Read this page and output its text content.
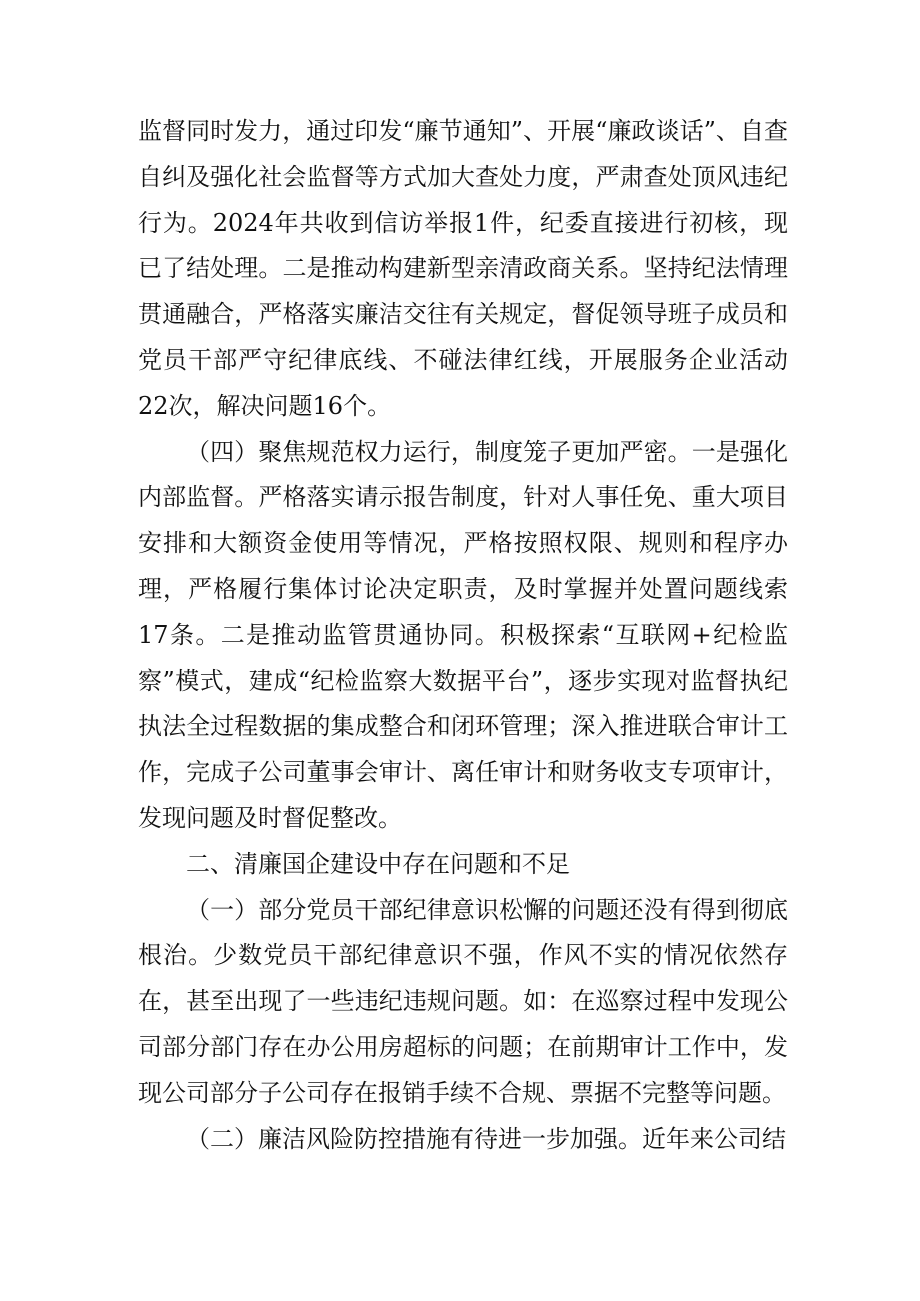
监督同时发力，通过印发“廉节通知”、开展“廉政谈话”、自查自纠及强化社会监督等方式加大查处力度，严肃查处顶风违纪行为。2024年共收到信访举报1件，纪委直接进行初核，现已了结处理。二是推动构建新型亲清政商关系。坚持纪法情理贯通融合，严格落实廉洁交往有关规定，督促领导班子成员和党员干部严守纪律底线、不碰法律红线，开展服务企业活动22次，解决问题16个。

（四）聚焦规范权力运行，制度笼子更加严密。一是强化内部监督。严格落实请示报告制度，针对人事任免、重大项目安排和大额资金使用等情况，严格按照权限、规则和程序办理，严格履行集体讨论决定职责，及时掌握并处置问题线索17条。二是推动监管贯通协同。积极探索“互联网+纪检监察”模式，建成“纪检监察大数据平台”，逐步实现对监督执纪执法全过程数据的集成整合和闭环管理；深入推进联合审计工作，完成子公司董事会审计、离任审计和财务收支专项审计，发现问题及时督促整改。

二、清廉国企建设中存在问题和不足

（一）部分党员干部纪律意识松懈的问题还没有得到彻底根治。少数党员干部纪律意识不强，作风不实的情况依然存在，甚至出现了一些违纪违规问题。如：在巡察过程中发现公司部分部门存在办公用房超标的问题；在前期审计工作中，发现公司部分子公司存在报销手续不合规、票据不完整等问题。

（二）廉洁风险防控措施有待进一步加强。近年来公司结
